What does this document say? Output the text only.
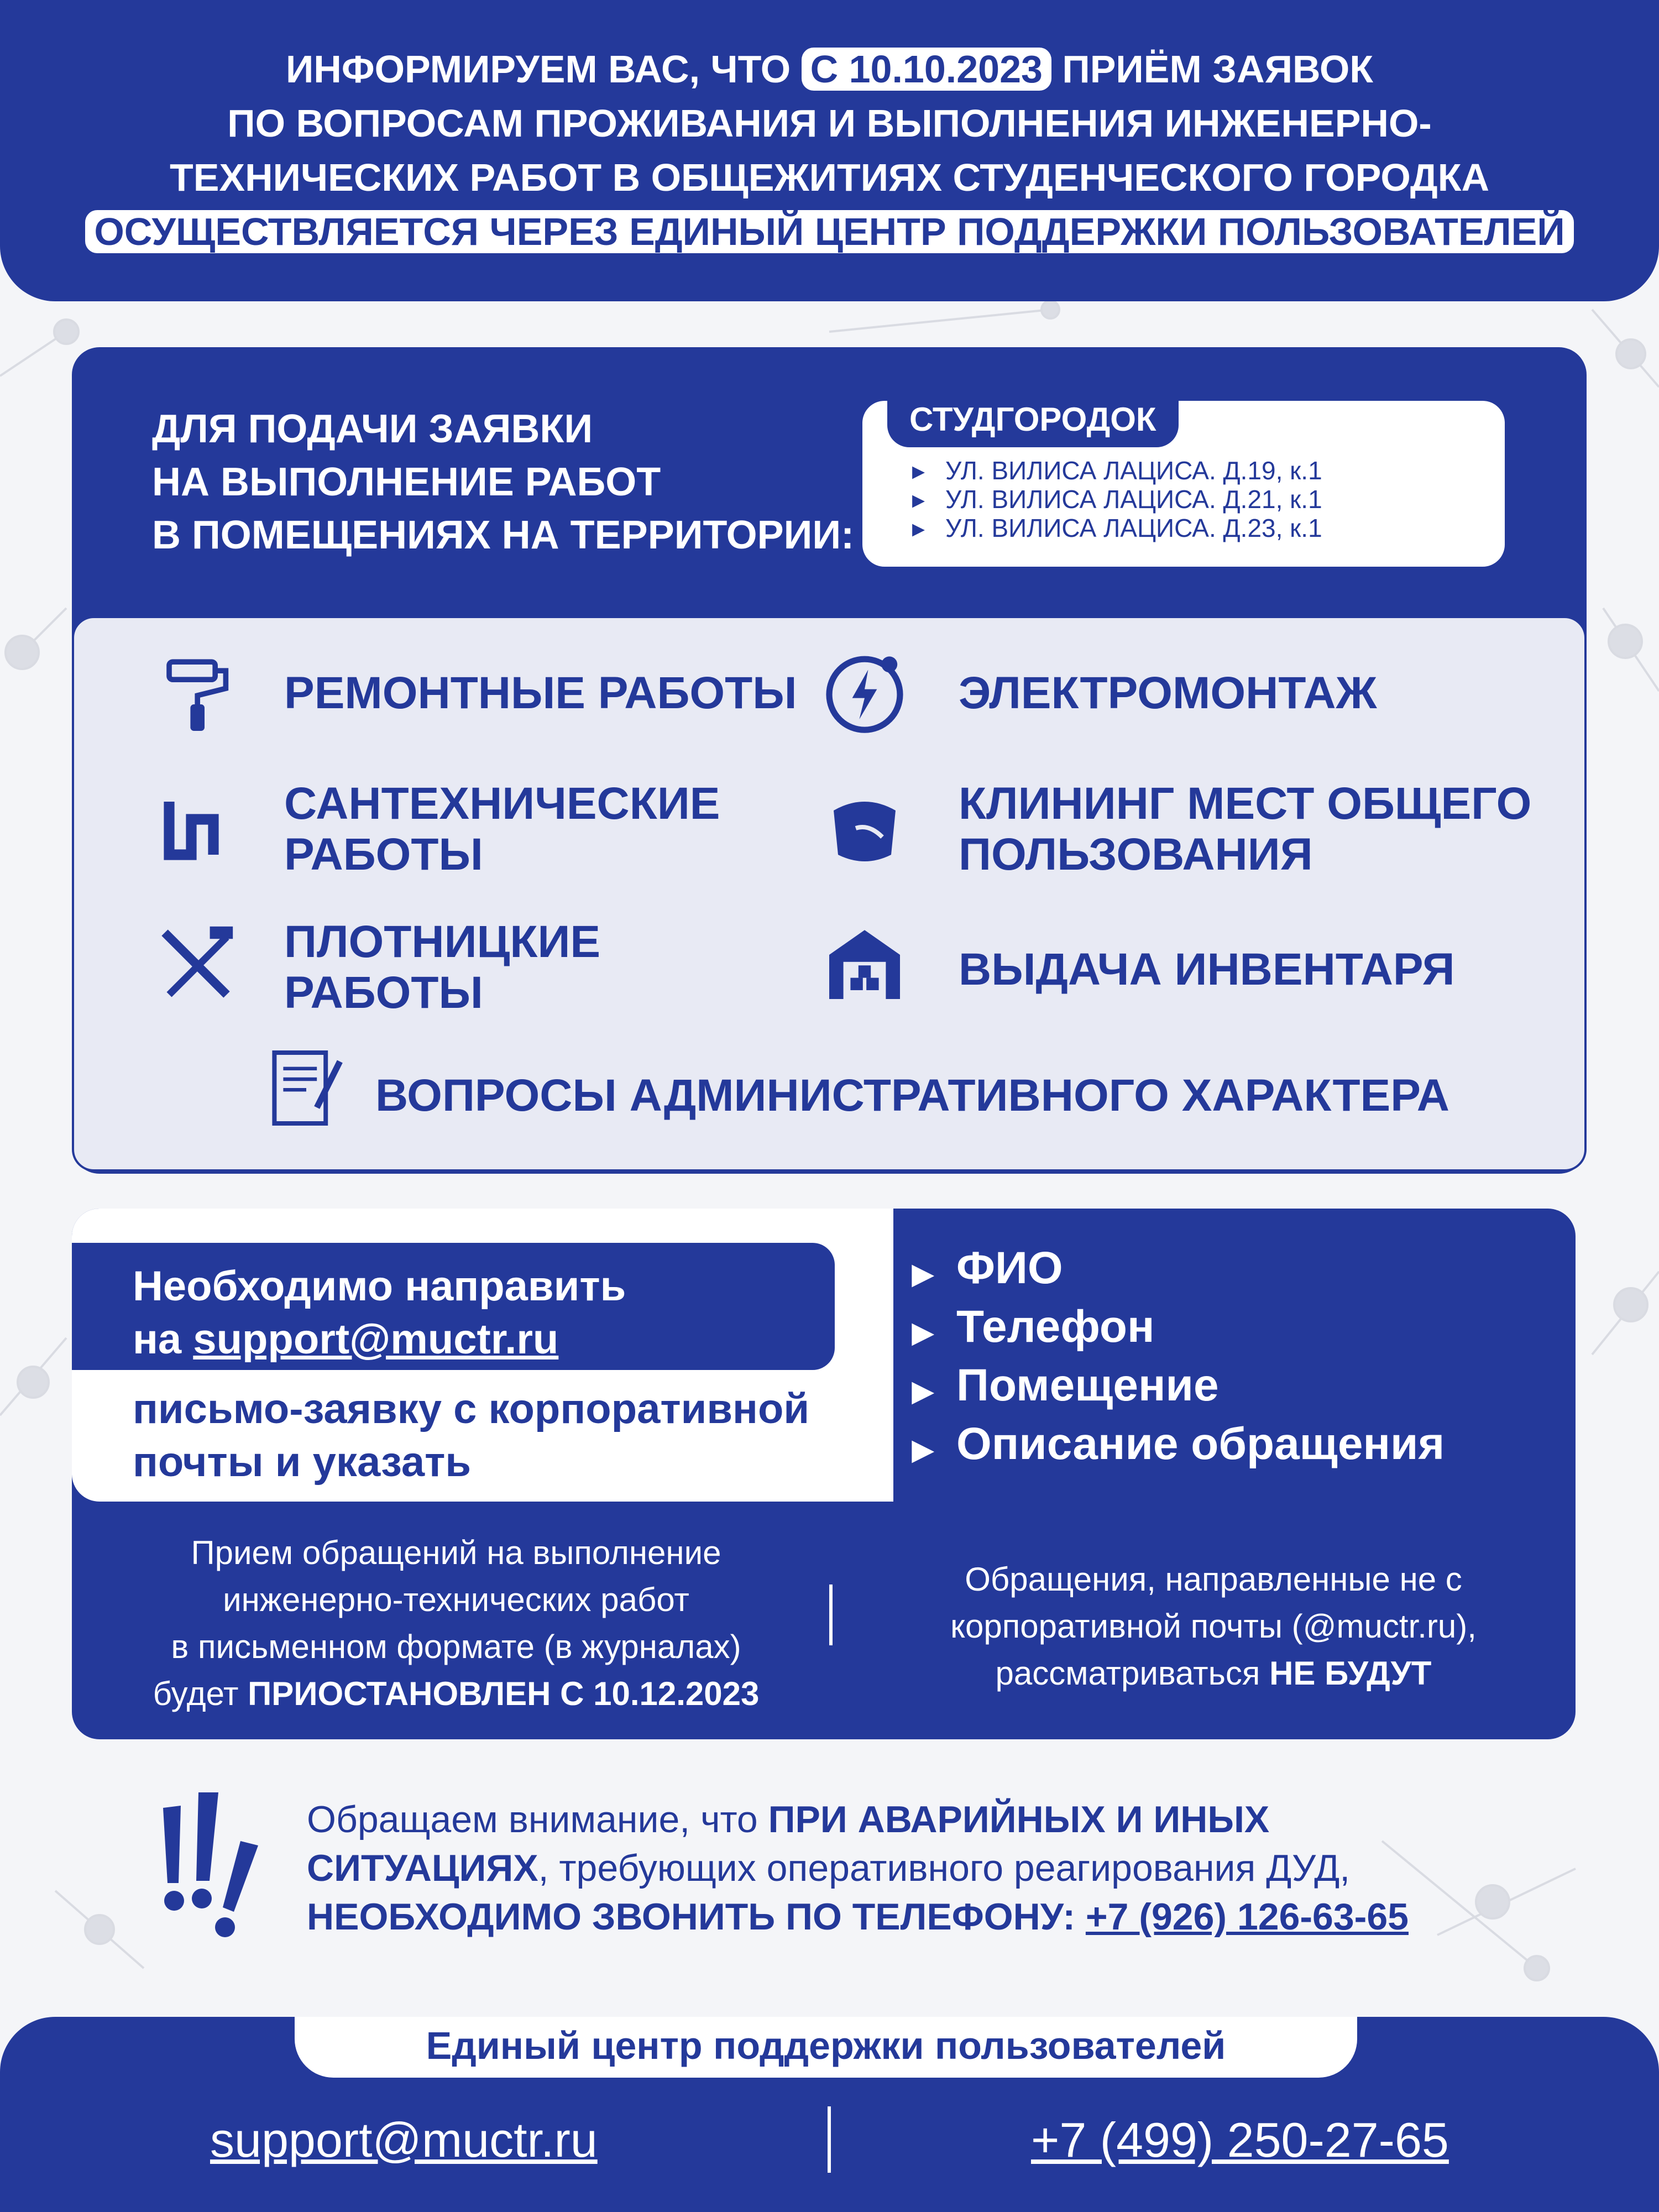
ИНФОРМИРУЕМ ВАС, ЧТО С 10.10.2023 ПРИЁМ ЗАЯВОК
ПО ВОПРОСАМ ПРОЖИВАНИЯ И ВЫПОЛНЕНИЯ ИНЖЕНЕРНО-
ТЕХНИЧЕСКИХ РАБОТ В ОБЩЕЖИТИЯХ СТУДЕНЧЕСКОГО ГОРОДКА
ОСУЩЕСТВЛЯЕТСЯ ЧЕРЕЗ ЕДИНЫЙ ЦЕНТР ПОДДЕРЖКИ ПОЛЬЗОВАТЕЛЕЙ
ДЛЯ ПОДАЧИ ЗАЯВКИ
НА ВЫПОЛНЕНИЕ РАБОТ
В ПОМЕЩЕНИЯХ НА ТЕРРИТОРИИ:
СТУДГОРОДОК
▸ УЛ. ВИЛИСА ЛАЦИСА. Д.19, к.1
▸ УЛ. ВИЛИСА ЛАЦИСА. Д.21, к.1
▸ УЛ. ВИЛИСА ЛАЦИСА. Д.23, к.1
РЕМОНТНЫЕ РАБОТЫ	ЭЛЕКТРОМОНТАЖ
САНТЕХНИЧЕСКИЕ
РАБОТЫ
КЛИНИНГ МЕСТ ОБЩЕГО
ПОЛЬЗОВАНИЯ
ПЛОТНИЦКИЕ
РАБОТЫ	ВЫДАЧА ИНВЕНТАРЯ
ВОПРОСЫ АДМИНИСТРАТИВНОГО ХАРАКТЕРА
Необходимо направить
на support@muctr.ru
письмо-заявку с корпоративной
почты и указать
▶ ФИО
▶ Телефон
▶ Помещение
▶ Описание обращения
Прием обращений на выполнение
инженерно-технических работ
в письменном формате (в журналах)
будет ПРИОСТАНОВЛЕН С 10.12.2023
Обращения, направленные не с
корпоративной почты (@muctr.ru),
рассматриваться НЕ БУДУТ
Обращаем внимание, что ПРИ АВАРИЙНЫХ И ИНЫХ
СИТУАЦИЯХ, требующих оперативного реагирования ДУД,
НЕОБХОДИМО ЗВОНИТЬ ПО ТЕЛЕФОНУ: +7 (926) 126-63-65
Единый центр поддержки пользователей
support@muctr.ru	+7 (499) 250-27-65
